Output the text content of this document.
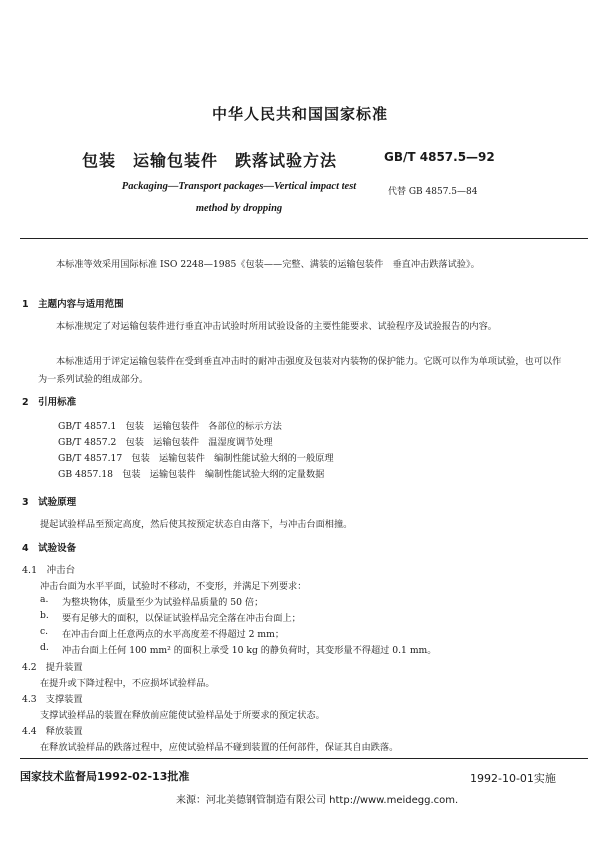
中华人民共和国国家标准
包装　运输包装件　跌落试验方法	GB/T 4857.5—92
Packaging—Transport packages—Vertical impact test
method by dropping
代替 GB 4857.5—84
本标准等效采用国际标准 ISO 2248—1985《包装——完整、满装的运输包装件　垂直冲击跌落试验》。
1　主题内容与适用范围
本标准规定了对运输包装件进行垂直冲击试验时所用试验设备的主要性能要求、试验程序及试验报告的内容。
本标准适用于评定运输包装件在受到垂直冲击时的耐冲击强度及包装对内装物的保护能力。它既可以作为单项试验，也可以作为一系列试验的组成部分。
2　引用标准
GB/T 4857.1　包装　运输包装件　各部位的标示方法
GB/T 4857.2　包装　运输包装件　温湿度调节处理
GB/T 4857.17　包装　运输包装件　编制性能试验大纲的一般原理
GB 4857.18　包装　运输包装件　编制性能试验大纲的定量数据
3　试验原理
提起试验样品至预定高度，然后使其按预定状态自由落下，与冲击台面相撞。
4　试验设备
4.1　冲击台
冲击台面为水平平面，试验时不移动，不变形，并满足下列要求：
a. 为整块物体，质量至少为试验样品质量的 50 倍；
b. 要有足够大的面积，以保证试验样品完全落在冲击台面上；
c. 在冲击台面上任意两点的水平高度差不得超过 2 mm；
d. 冲击台面上任何 100 mm² 的面积上承受 10 kg 的静负荷时，其变形量不得超过 0.1 mm。
4.2　提升装置
在提升或下降过程中，不应损坏试验样品。
4.3　支撑装置
支撑试验样品的装置在释放前应能使试验样品处于所要求的预定状态。
4.4　释放装置
在释放试验样品的跌落过程中，应使试验样品不碰到装置的任何部件，保证其自由跌落。
国家技术监督局1992-02-13批准	1992-10-01实施
来源：河北美德钢管制造有限公司 http://www.meidegg.com.
